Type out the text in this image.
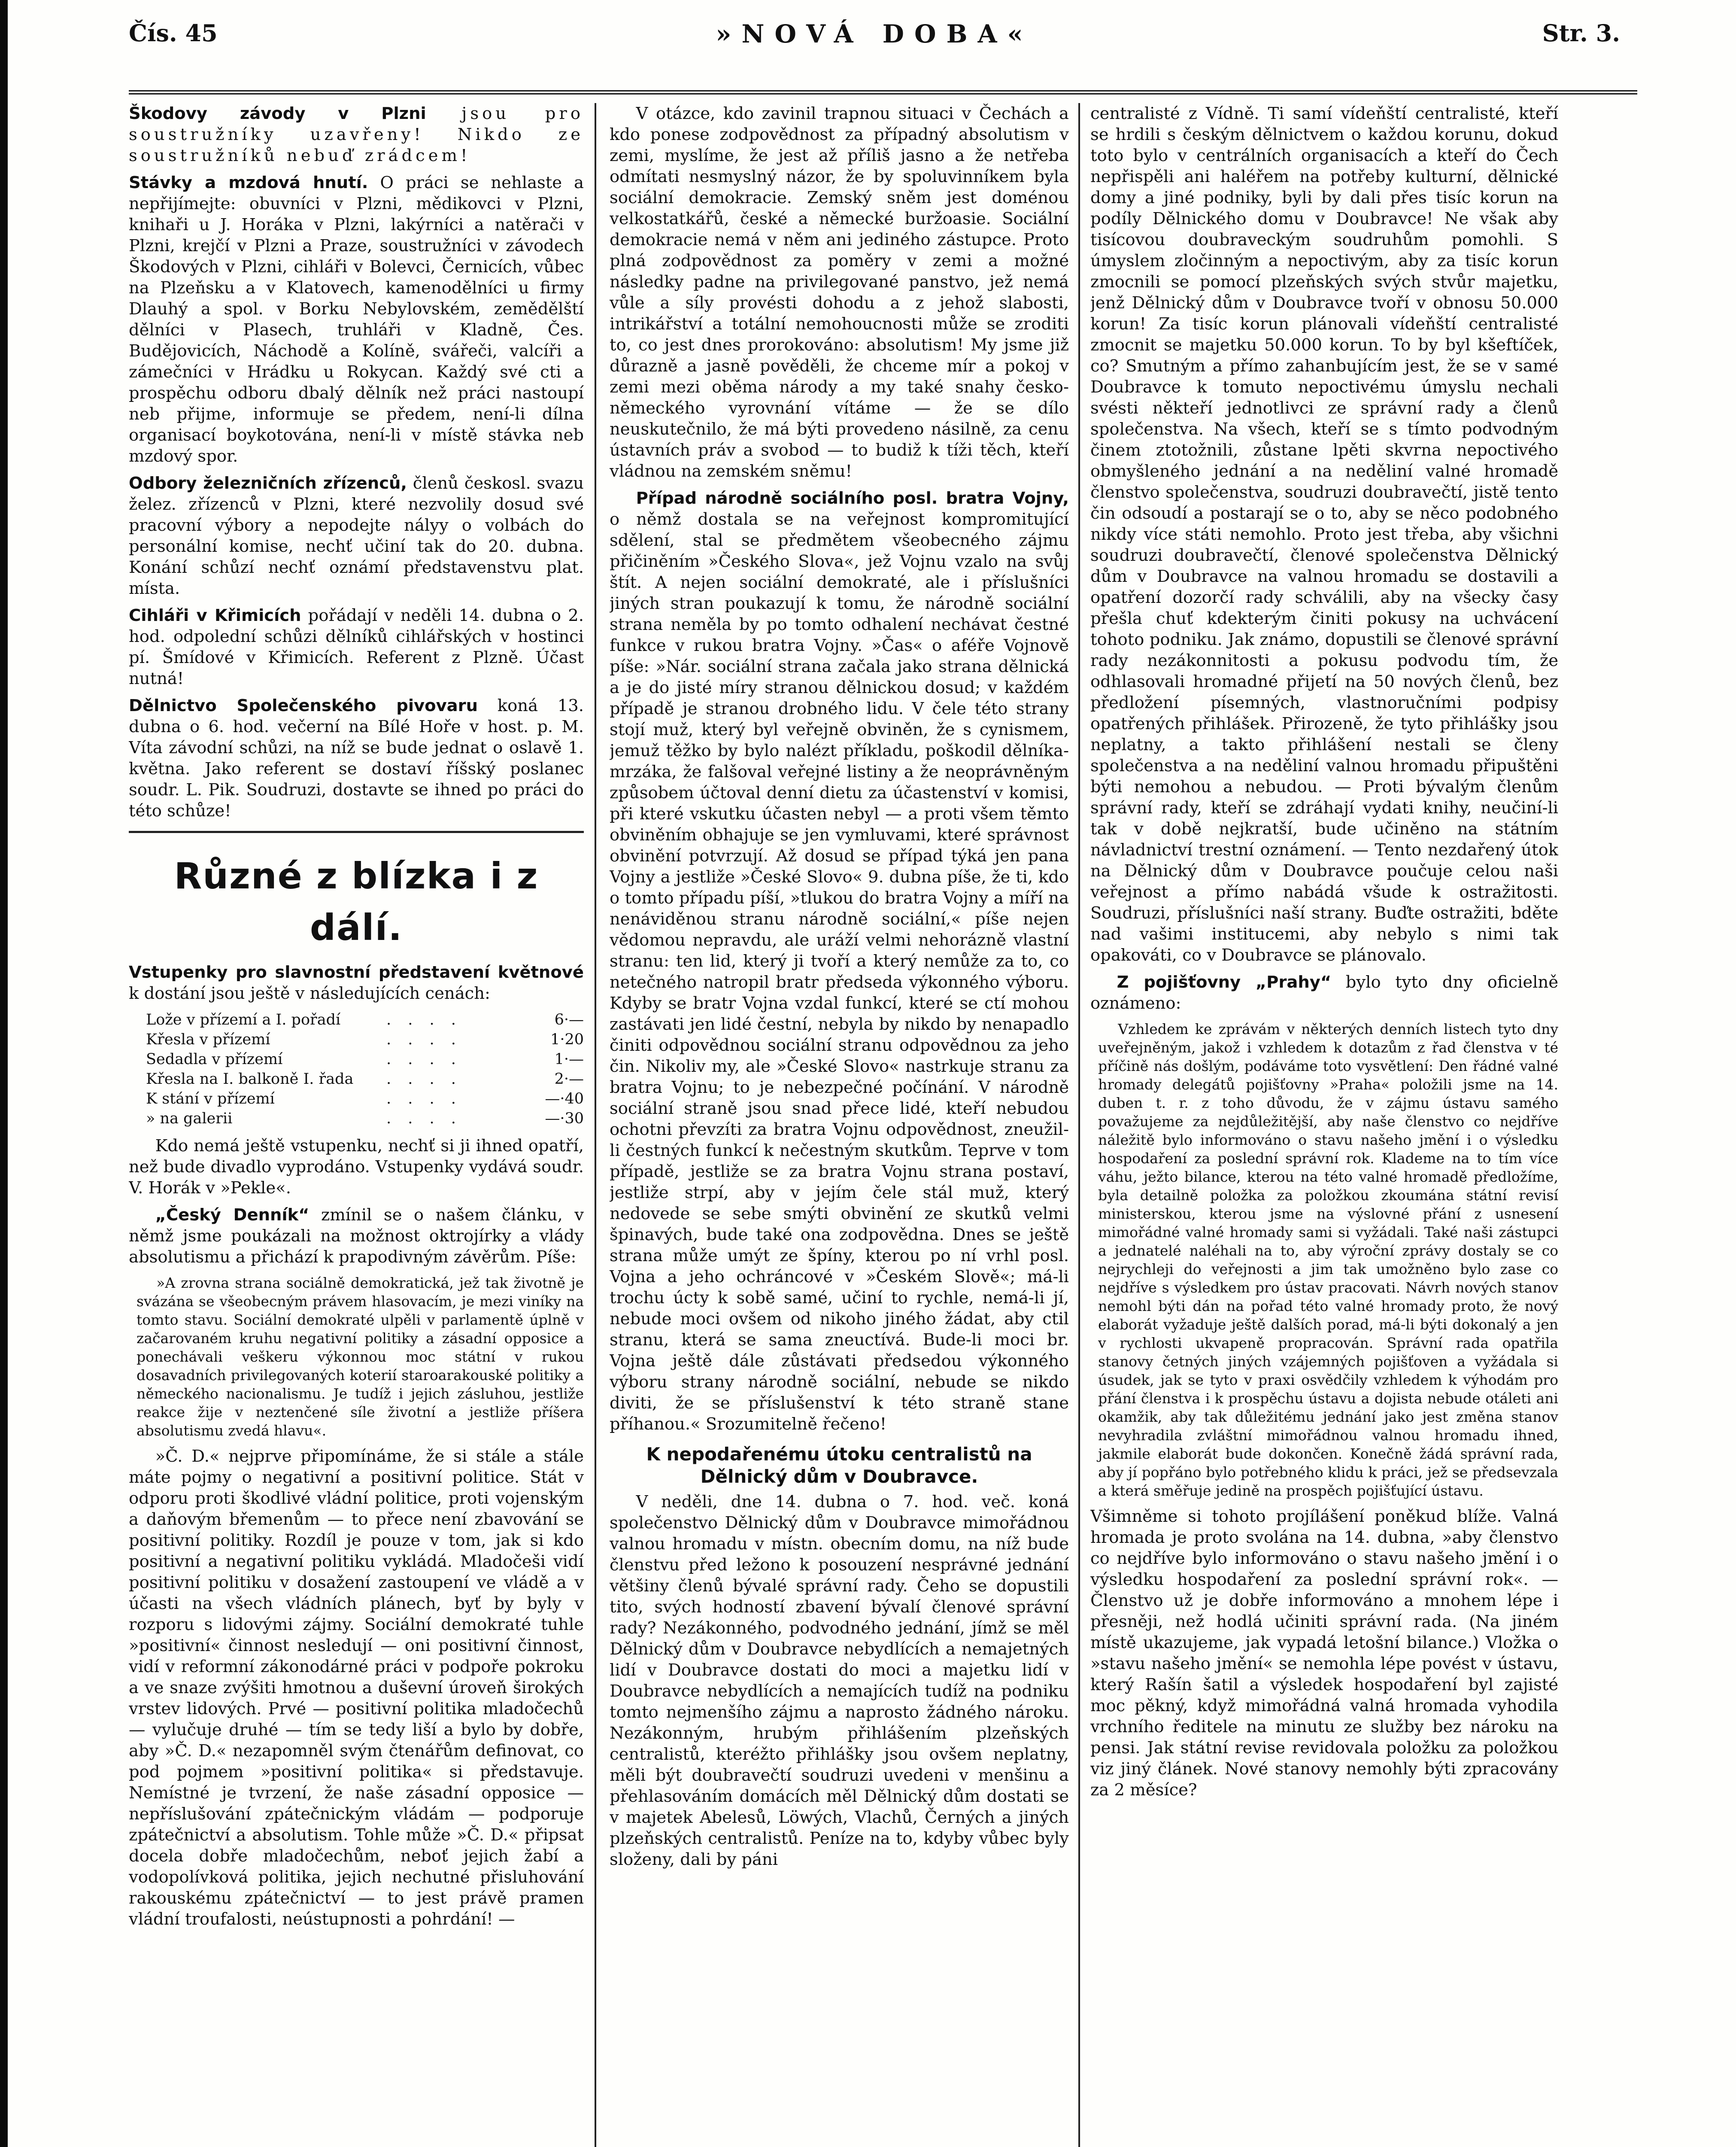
Čís. 45	»NOVÁ DOBA«	Str. 3.

Škodovy závody v Plzni jsou pro soustružníky uzavřeny! Nikdo ze soustružníků nebuď zrádcem!

Stávky a mzdová hnutí. O práci se nehlaste a nepřijímejte: obuvníci v Plzni, mědikovci v Plzni, knihaři u J. Horáka v Plzni, lakýrníci a natěrači v Plzni, krejčí v Plzni a Praze, soustružníci v závodech Škodových v Plzni, cihláři v Bolevci, Černicích, vůbec na Plzeňsku a v Klatovech, kamenodělníci u firmy Dlauhý a spol. v Borku Nebylovském, zemědělští dělníci v Plasech, truhláři v Kladně, Čes. Budějovicích, Náchodě a Kolíně, svářeči, valcíři a zámečníci v Hrádku u Rokycan. Každý své cti a prospěchu odboru dbalý dělník než práci nastoupí neb přijme, informuje se předem, není-li dílna organisací boykotována, není-li v místě stávka neb mzdový spor.

Odbory železničních zřízenců, členů českosl. svazu želez. zřízenců v Plzni, které nezvolily dosud své pracovní výbory a nepodejte nályy o volbách do personální komise, nechť učiní tak do 20. dubna. Konání schůzí nechť oznámí představenstvu plat. místa.

Cihláři v Křimicích pořádají v neděli 14. dubna o 2. hod. odpolední schůzi dělníků cihlářských v hostinci pí. Šmídové v Křimicích. Referent z Plzně. Účast nutná!

Dělnictvo Společenského pivovaru koná 13. dubna o 6. hod. večerní na Bílé Hoře v host. p. M. Víta závodní schůzi, na níž se bude jednat o oslavě 1. května. Jako referent se dostaví říšský poslanec soudr. L. Pik. Soudruzi, dostavte se ihned po práci do této schůze!

Různé z blízka i z dálí.

Vstupenky pro slavnostní představení květnové k dostání jsou ještě v následujících cenách:

Lože v přízemí a I. pořadí	. . . .	6·—
Křesla v přízemí	. . . .	1·20
Sedadla v přízemí	. . . .	1·—
Křesla na I. balkoně I. řada	. . . .	2·—
K stání v přízemí	. . . .	—·40
» na galerii	. . . .	—·30

Kdo nemá ještě vstupenku, nechť si ji ihned opatří, než bude divadlo vyprodáno. Vstupenky vydává soudr. V. Horák v »Pekle«.

„Český Denník“ zmínil se o našem článku, v němž jsme poukázali na možnost oktrojírky a vlády absolutismu a přichází k prapodivným závěrům. Píše:

»A zrovna strana sociálně demokratická, jež tak životně je svázána se všeobecným právem hlasovacím, je mezi viníky na tomto stavu. Sociální demokraté ulpěli v parlamentě úplně v začarovaném kruhu negativní politiky a zásadní opposice a ponechávali veškeru výkonnou moc státní v rukou dosavadních privilegovaných koterií staroarakouské politiky a německého nacionalismu. Je tudíž i jejich zásluhou, jestliže reakce žije v neztenčené síle životní a jestliže příšera absolutismu zvedá hlavu«.

»Č. D.« nejprve připomínáme, že si stále a stále máte pojmy o negativní a positivní politice. Stát v odporu proti škodlivé vládní politice, proti vojenským a daňovým břemenům — to přece není zbavování se positivní politiky. Rozdíl je pouze v tom, jak si kdo positivní a negativní politiku vykládá. Mladočeši vidí positivní politiku v dosažení zastoupení ve vládě a v účasti na všech vládních plánech, byť by byly v rozporu s lidovými zájmy. Sociální demokraté tuhle »positivní« činnost nesledují — oni positivní činnost, vidí v reformní zákonodárné práci v podpoře pokroku a ve snaze zvýšiti hmotnou a duševní úroveň širokých vrstev lidových. Prvé — positivní politika mladočechů — vylučuje druhé — tím se tedy liší a bylo by dobře, aby »Č. D.« nezapomněl svým čtenářům definovat, co pod pojmem »positivní politika« si představuje. Nemístné je tvrzení, že naše zásadní opposice — nepříslušování zpátečnickým vládám — podporuje zpátečnictví a absolutism. Tohle může »Č. D.« připsat docela dobře mladočechům, neboť jejich žabí a vodopolívková politika, jejich nechutné přisluhování rakouskému zpátečnictví — to jest právě pramen vládní troufalosti, neústupnosti a pohrdání! —

V otázce, kdo zavinil trapnou situaci v Čechách a kdo ponese zodpovědnost za případný absolutism v zemi, myslíme, že jest až příliš jasno a že netřeba odmítati nesmyslný názor, že by spoluvinníkem byla sociální demokracie. Zemský sněm jest doménou velkostatkářů, české a německé buržoasie. Sociální demokracie nemá v něm ani jediného zástupce. Proto plná zodpovědnost za poměry v zemi a možné následky padne na privilegované panstvo, jež nemá vůle a síly provésti dohodu a z jehož slabosti, intrikářství a totální nemohoucnosti může se zroditi to, co jest dnes prorokováno: absolutism! My jsme již důrazně a jasně pověděli, že chceme mír a pokoj v zemi mezi oběma národy a my také snahy česko-německého vyrovnání vítáme — že se dílo neuskutečnilo, že má býti provedeno násilně, za cenu ústavních práv a svobod — to budiž k tíži těch, kteří vládnou na zemském sněmu!

Případ národně sociálního posl. bratra Vojny, o němž dostala se na veřejnost kompromitující sdělení, stal se předmětem všeobecného zájmu přičiněním »Českého Slova«, jež Vojnu vzalo na svůj štít. A nejen sociální demokraté, ale i příslušníci jiných stran poukazují k tomu, že národně sociální strana neměla by po tomto odhalení nechávat čestné funkce v rukou bratra Vojny. »Čas« o aféře Vojnově píše: »Nár. sociální strana začala jako strana dělnická a je do jisté míry stranou dělnickou dosud; v každém případě je stranou drobného lidu. V čele této strany stojí muž, který byl veřejně obviněn, že s cynismem, jemuž těžko by bylo nalézt příkladu, poškodil dělníka-mrzáka, že falšoval veřejné listiny a že neoprávněným způsobem účtoval denní dietu za účastenství v komisi, při které vskutku účasten nebyl — a proti všem těmto obviněním obhajuje se jen vymluvami, které správnost obvinění potvrzují. Až dosud se případ týká jen pana Vojny a jestliže »České Slovo« 9. dubna píše, že ti, kdo o tomto případu píší, »tlukou do bratra Vojny a míří na nenáviděnou stranu národně sociální,« píše nejen vědomou nepravdu, ale uráží velmi nehorázně vlastní stranu: ten lid, který ji tvoří a který nemůže za to, co netečného natropil bratr předseda výkonného výboru. Kdyby se bratr Vojna vzdal funkcí, které se ctí mohou zastávati jen lidé čestní, nebyla by nikdo by nenapadlo činiti odpovědnou sociální stranu odpovědnou za jeho čin. Nikoliv my, ale »České Slovo« nastrkuje stranu za bratra Vojnu; to je nebezpečné počínání. V národně sociální straně jsou snad přece lidé, kteří nebudou ochotni převzíti za bratra Vojnu odpovědnost, zneužil-li čestných funkcí k nečestným skutkům. Teprve v tom případě, jestliže se za bratra Vojnu strana postaví, jestliže strpí, aby v jejím čele stál muž, který nedovede se sebe smýti obvinění ze skutků velmi špinavých, bude také ona zodpovědna. Dnes se ještě strana může umýt ze špíny, kterou po ní vrhl posl. Vojna a jeho ochráncové v »Českém Slově«; má-li trochu úcty k sobě samé, učiní to rychle, nemá-li jí, nebude moci ovšem od nikoho jiného žádat, aby ctil stranu, která se sama zneuctívá. Bude-li moci br. Vojna ještě dále zůstávati předsedou výkonného výboru strany národně sociální, nebude se nikdo diviti, že se příslušenství k této straně stane příhanou.« Srozumitelně řečeno!

K nepodařenému útoku centralistů na Dělnický dům v Doubravce.

V neděli, dne 14. dubna o 7. hod. več. koná společenstvo Dělnický dům v Doubravce mimořádnou valnou hromadu v místn. obecním domu, na níž bude členstvu před ležono k posouzení nesprávné jednání většiny členů bývalé správní rady. Čeho se dopustili tito, svých hodností zbavení bývalí členové správní rady? Nezákonného, podvodného jednání, jímž se měl Dělnický dům v Doubravce nebydlících a nemajetných lidí v Doubravce dostati do moci a majetku lidí v Doubravce nebydlících a nemajících tudíž na podniku tomto nejmenšího zájmu a naprosto žádného nároku. Nezákonným, hrubým přihlášením plzeňských centralistů, kteréžto přihlášky jsou ovšem neplatny, měli být doubravečtí soudruzi uvedeni v menšinu a přehlasováním domácích měl Dělnický dům dostati se v majetek Abelesů, Löwých, Vlachů, Černých a jiných plzeňských centralistů. Peníze na to, kdyby vůbec byly složeny, dali by páni

centralisté z Vídně. Ti samí vídeňští centralisté, kteří se hrdili s českým dělnictvem o každou korunu, dokud toto bylo v centrálních organisacích a kteří do Čech nepřispěli ani haléřem na potřeby kulturní, dělnické domy a jiné podniky, byli by dali přes tisíc korun na podíly Dělnického domu v Doubravce! Ne však aby tisícovou doubraveckým soudruhům pomohli. S úmyslem zločinným a nepoctivým, aby za tisíc korun zmocnili se pomocí plzeňských svých stvůr majetku, jenž Dělnický dům v Doubravce tvoří v obnosu 50.000 korun! Za tisíc korun plánovali vídeňští centralisté zmocnit se majetku 50.000 korun. To by byl kšeftíček, co? Smutným a přímo zahanbujícím jest, že se v samé Doubravce k tomuto nepoctivému úmyslu nechali svésti někteří jednotlivci ze správní rady a členů společenstva. Na všech, kteří se s tímto podvodným činem ztotožnili, zůstane lpěti skvrna nepoctivého obmyšleného jednání a na neděliní valné hromadě členstvo společenstva, soudruzi doubravečtí, jistě tento čin odsoudí a postarají se o to, aby se něco podobného nikdy více státi nemohlo. Proto jest třeba, aby všichni soudruzi doubravečtí, členové společenstva Dělnický dům v Doubravce na valnou hromadu se dostavili a opatření dozorčí rady schválili, aby na všecky časy přešla chuť kdekterým činiti pokusy na uchvácení tohoto podniku. Jak známo, dopustili se členové správní rady nezákonnitosti a pokusu podvodu tím, že odhlasovali hromadné přijetí na 50 nových členů, bez předložení písemných, vlastnoručními podpisy opatřených přihlášek. Přirozeně, že tyto přihlášky jsou neplatny, a takto přihlášení nestali se členy společenstva a na neděliní valnou hromadu připuštěni býti nemohou a nebudou. — Proti bývalým členům správní rady, kteří se zdráhají vydati knihy, neučiní-li tak v době nejkratší, bude učiněno na státním návladnictví trestní oznámení. — Tento nezdařený útok na Dělnický dům v Doubravce poučuje celou naši veřejnost a přímo nabádá všude k ostražitosti. Soudruzi, příslušníci naší strany. Buďte ostražiti, bděte nad vašimi institucemi, aby nebylo s nimi tak opakováti, co v Doubravce se plánovalo.

Z pojišťovny „Prahy“ bylo tyto dny oficielně oznámeno:

Vzhledem ke zprávám v některých denních listech tyto dny uveřejněným, jakož i vzhledem k dotazům z řad členstva v té příčině nás došlým, podáváme toto vysvětlení: Den řádné valné hromady delegátů pojišťovny »Praha« položili jsme na 14. duben t. r. z toho důvodu, že v zájmu ústavu samého považujeme za nejdůležitější, aby naše členstvo co nejdříve náležitě bylo informováno o stavu našeho jmění i o výsledku hospodaření za poslední správní rok. Klademe na to tím více váhu, ježto bilance, kterou na této valné hromadě předložíme, byla detailně položka za položkou zkoumána státní revisí ministerskou, kterou jsme na výslovné přání z usnesení mimořádné valné hromady sami si vyžádali. Také naši zástupci a jednatelé naléhali na to, aby výroční zprávy dostaly se co nejrychleji do veřejnosti a jim tak umožněno bylo zase co nejdříve s výsledkem pro ústav pracovati. Návrh nových stanov nemohl býti dán na pořad této valné hromady proto, že nový elaborát vyžaduje ještě dalších porad, má-li býti dokonalý a jen v rychlosti ukvapeně propracován. Správní rada opatřila stanovy četných jiných vzájemných pojišťoven a vyžádala si úsudek, jak se tyto v praxi osvědčily vzhledem k výhodám pro přání členstva i k prospěchu ústavu a dojista nebude otáleti ani okamžik, aby tak důležitému jednání jako jest změna stanov nevyhradila zvláštní mimořádnou valnou hromadu ihned, jakmile elaborát bude dokončen. Konečně žádá správní rada, aby jí popřáno bylo potřebného klidu k práci, jež se předsevzala a která směřuje jedině na prospěch pojišťující ústavu.

Všimněme si tohoto projílášení poněkud blíže. Valná hromada je proto svolána na 14. dubna, »aby členstvo co nejdříve bylo informováno o stavu našeho jmění i o výsledku hospodaření za poslední správní rok«. — Členstvo už je dobře informováno a mnohem lépe i přesněji, než hodlá učiniti správní rada. (Na jiném místě ukazujeme, jak vypadá letošní bilance.) Vložka o »stavu našeho jmění« se nemohla lépe povést v ústavu, který Rašín šatil a výsledek hospodaření byl zajisté moc pěkný, když mimořádná valná hromada vyhodila vrchního ředitele na minutu ze služby bez nároku na pensi. Jak státní revise revidovala položku za položkou viz jiný článek. Nové stanovy nemohly býti zpracovány za 2 měsíce?
